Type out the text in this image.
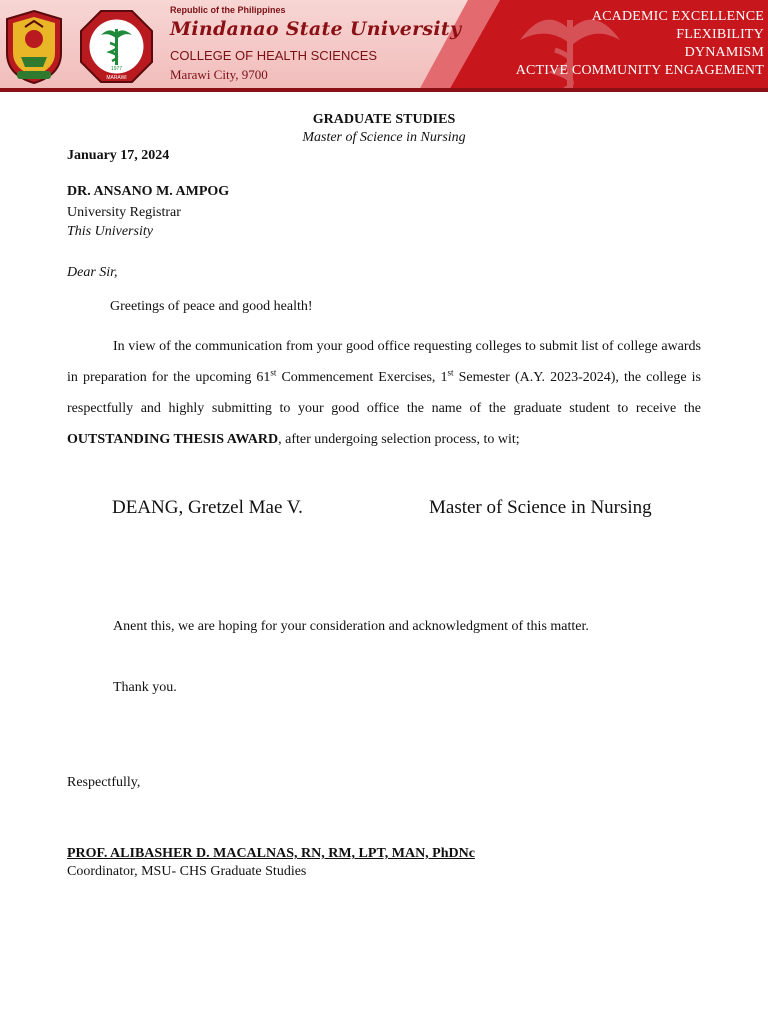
1977
MARAWI
Republic of the Philippines
Mindanao State University
COLLEGE OF HEALTH SCIENCES
Marawi City, 9700
ACADEMIC EXCELLENCE
FLEXIBILITY
DYNAMISM
ACTIVE COMMUNITY ENGAGEMENT
GRADUATE STUDIES
Master of Science in Nursing
January 17, 2024
DR. ANSANO M. AMPOG
University Registrar
This University
Dear Sir,
Greetings of peace and good health!
In view of the communication from your good office requesting colleges to submit list of college awards in preparation for the upcoming 61st Commencement Exercises, 1st Semester (A.Y. 2023-2024), the college is respectfully and highly submitting to your good office the name of the graduate student to receive the OUTSTANDING THESIS AWARD, after undergoing selection process, to wit;
DEANG, Gretzel Mae V.	Master of Science in Nursing
Anent this, we are hoping for your consideration and acknowledgment of this matter.
Thank you.
Respectfully,
PROF. ALIBASHER D. MACALNAS, RN, RM, LPT, MAN, PhDNc
Coordinator, MSU- CHS Graduate Studies
